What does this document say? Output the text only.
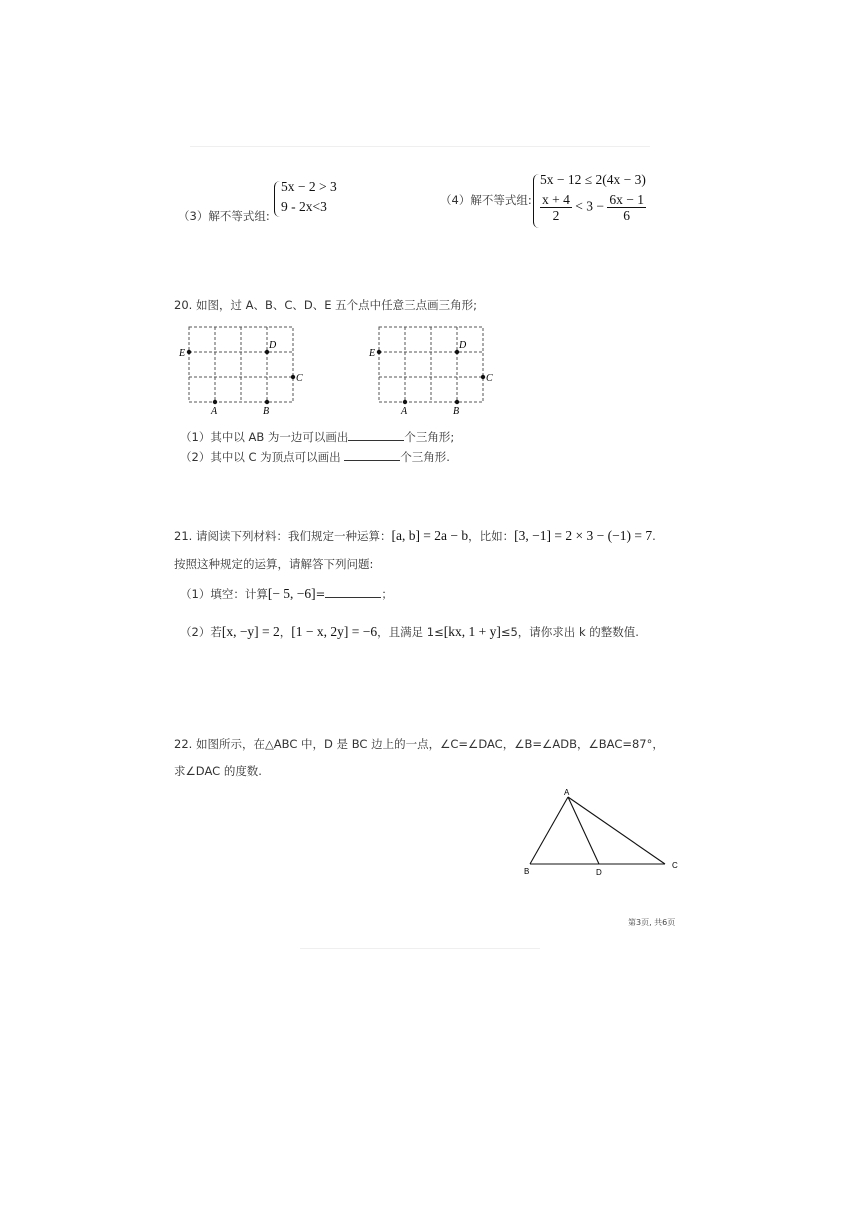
（3）解不等式组:
5x − 2 > 3
9 - 2x<3	（4）解不等式组:
5x − 12 ≤ 2(4x − 3)
$\frac{x + 4}{2} < 3 - \frac{6x - 1}{6}$
20. 如图，过 A、B、C、D、E 五个点中任意三点画三角形;
E
D
C
A	B
E
D
C
A	B
（1）其中以 AB 为一边可以画出	个三角形;
（2）其中以 C 为顶点可以画出	个三角形.
21. 请阅读下列材料：我们规定一种运算：[a, b] = 2a − b，比如：[3, −1] = 2 × 3 − (−1) = 7.
按照这种规定的运算，请解答下列问题:
（1）填空：计算[− 5, −6]=	；
（2）若[x, −y] = 2，[1 − x, 2y] = −6，且满足 1≤[kx, 1 + y]≤5，请你求出 k 的整数值.
22. 如图所示，在△ABC 中，D 是 BC 边上的一点，∠C=∠DAC，∠B=∠ADB，∠BAC=87°，
求∠DAC 的度数.
A
B
C
D
第3页, 共6页
